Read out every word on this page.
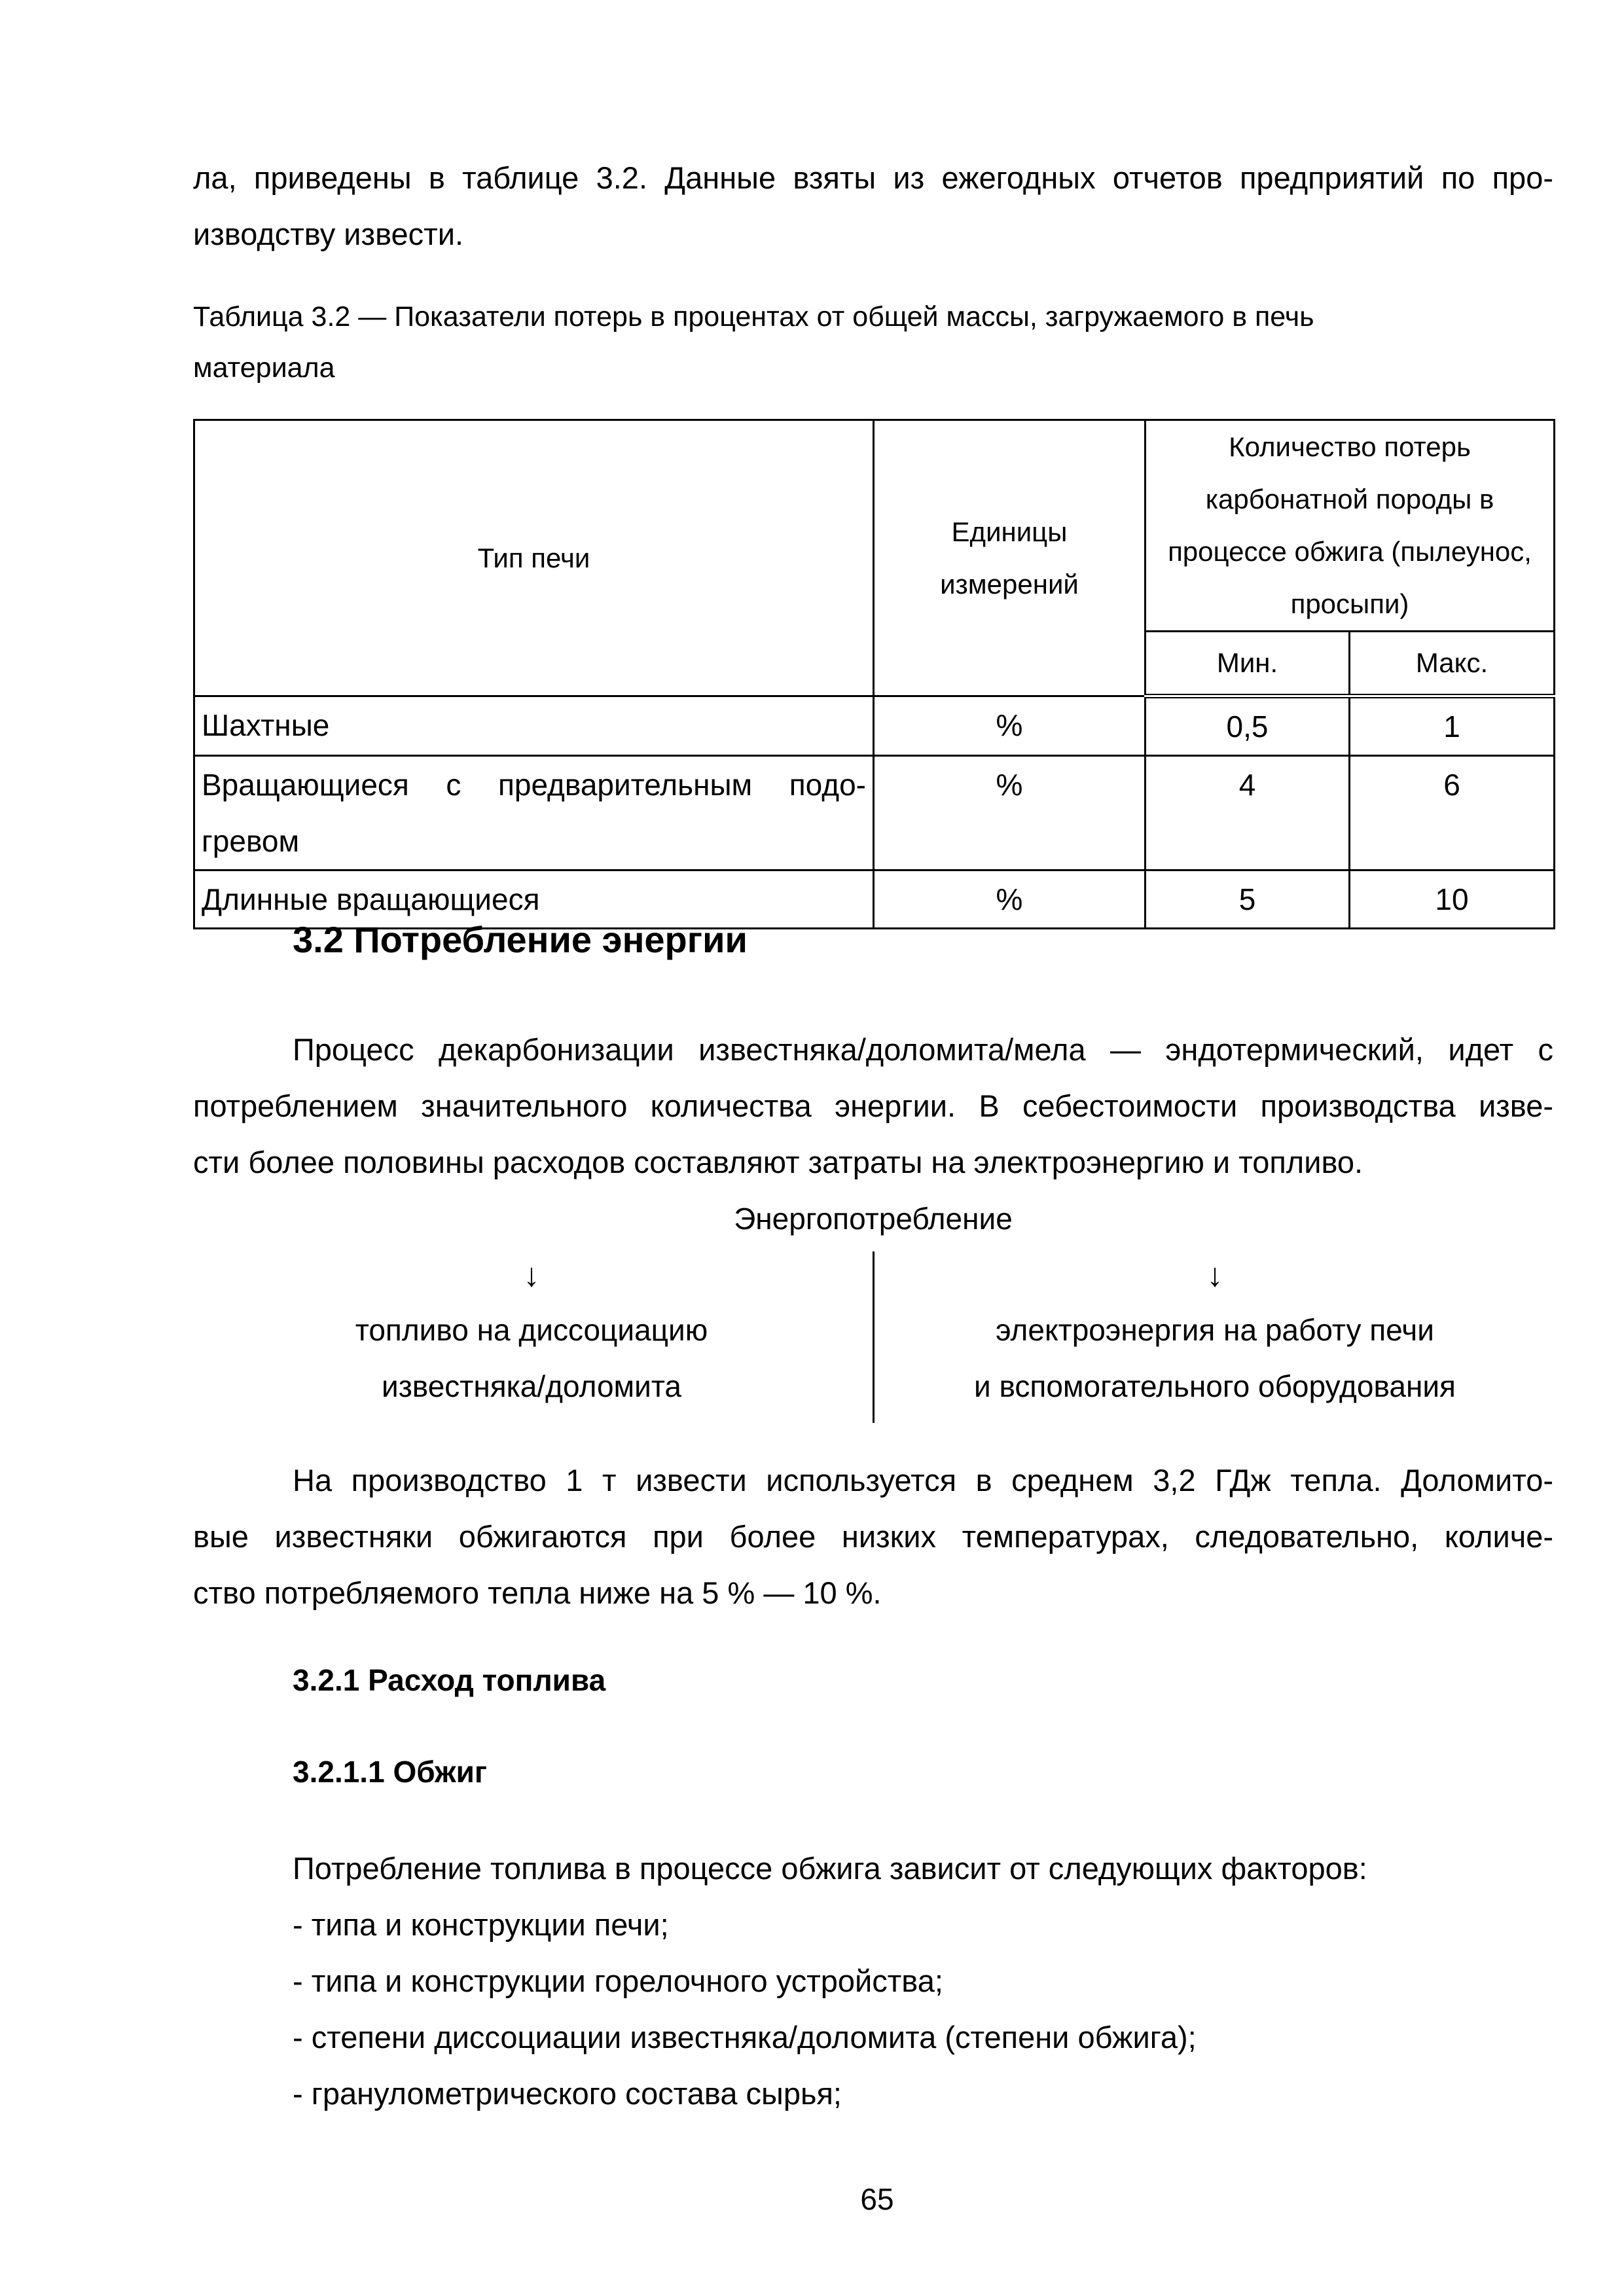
ла, приведены в таблице 3.2. Данные взяты из ежегодных отчетов предприятий по про-
изводству извести.
Таблица 3.2 — Показатели потерь в процентах от общей массы, загружаемого в печь
материала
Тип печи	Единицы измерений	Количество потерь карбонатной породы в процессе обжига (пылеунос, просыпи)	
		Мин.	Макс.
Шахтные	%	0,5	1

Вращающиеся с предварительным подо-
гревом	%	4	6
Длинные вращающиеся	%	5	10
3.2 Потребление энергии
Процесс декарбонизации известняка/доломита/мела — эндотермический, идет с
потреблением значительного количества энергии. В себестоимости производства изве-
сти более половины расходов составляют затраты на электроэнергию и топливо.
Энергопотребление
↓	↓
топливо на диссоциацию
известняка/доломита
электроэнергия на работу печи
и вспомогательного оборудования
На производство 1 т извести используется в среднем 3,2 ГДж тепла. Доломито-
вые известняки обжигаются при более низких температурах, следовательно, количе-
ство потребляемого тепла ниже на 5 % — 10 %.
3.2.1 Расход топлива
3.2.1.1 Обжиг
Потребление топлива в процессе обжига зависит от следующих факторов:
- типа и конструкции печи;
- типа и конструкции горелочного устройства;
- степени диссоциации известняка/доломита (степени обжига);
- гранулометрического состава сырья;
65
